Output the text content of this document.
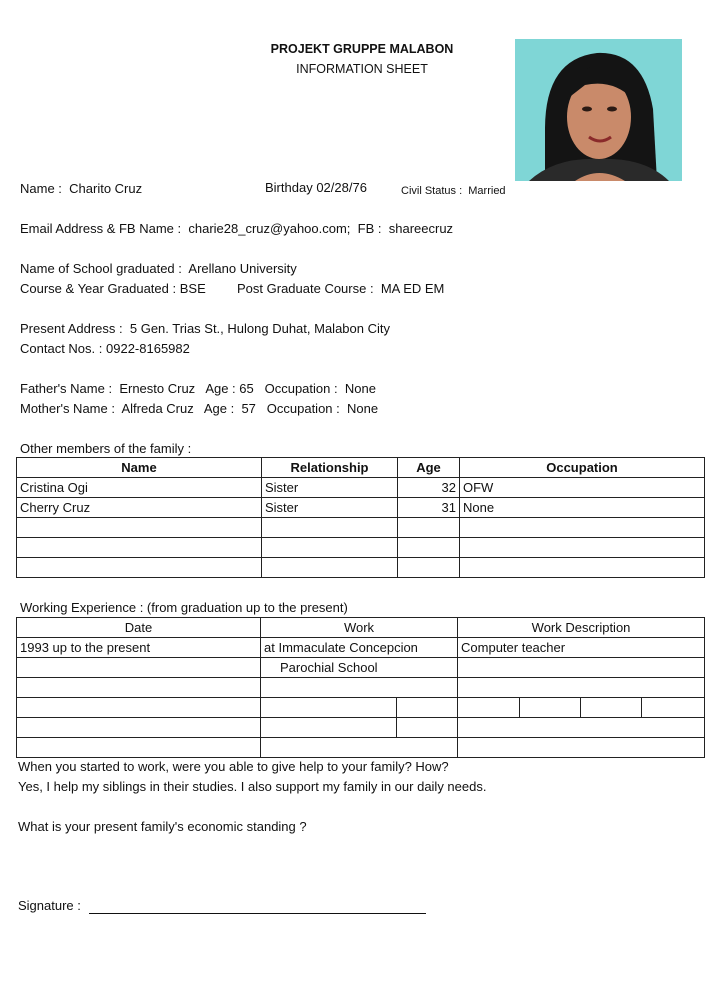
PROJEKT GRUPPE MALABON
INFORMATION SHEET
Name : Charito Cruz	Birthday 02/28/76	Civil Status : Married
Email Address & FB Name : charie28_cruz@yahoo.com; FB : shareecruz
Name of School graduated : Arellano University
Course & Year Graduated : BSE Post Graduate Course : MA ED EM
Present Address : 5 Gen. Trias St., Hulong Duhat, Malabon City
Contact Nos. : 0922-8165982
Father's Name : Ernesto Cruz Age : 65 Occupation : None
Mother's Name : Alfreda Cruz Age : 57 Occupation : None
Other members of the family :
Name	Relationship	Age	Occupation
Cristina Ogi	Sister	32	OFW
Cherry Cruz	Sister	31	None

Working Experience : (from graduation up to the present)
Date	Work		Work Description			
1993 up to the present	at Immaculate Concepcion		Computer teacher			
	Parochial School					

When you started to work, were you able to give help to your family? How?
Yes, I help my siblings in their studies. I also support my family in our daily needs.
What is your present family's economic standing ?
Signature :
